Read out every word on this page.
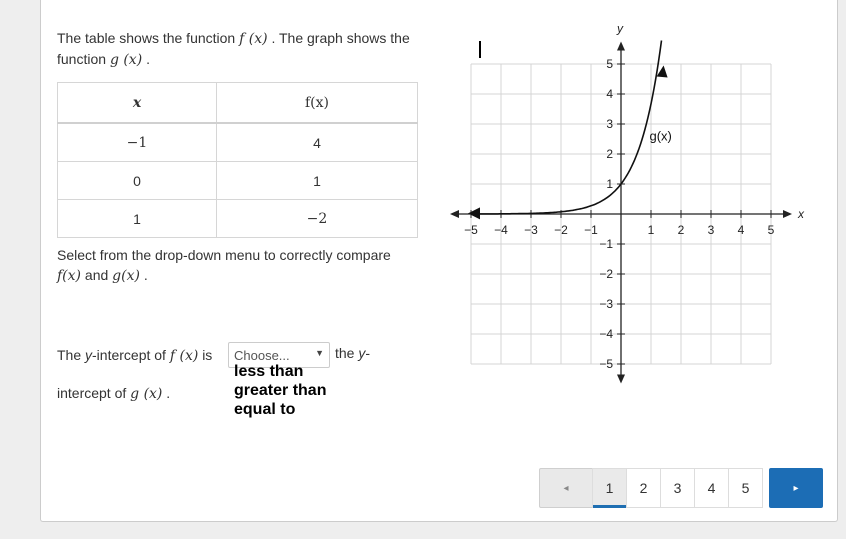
The table shows the function f (x) . The graph shows the function g (x) .
x	f(x)
−1	4
0	1
1	−2
Select from the drop-down menu to correctly compare
f(x) and g(x) .
The y-intercept of f (x) is	Choose...	▼ the y-
less than
greater than
equal to
intercept of g (x) .
−5 −4 −3 −2 −1	1 2 3 4 5
5
4
3
2
1
−1
−2
−3
−4
−5
x
y
g(x)
◂	1 2 3 4 5	▸
